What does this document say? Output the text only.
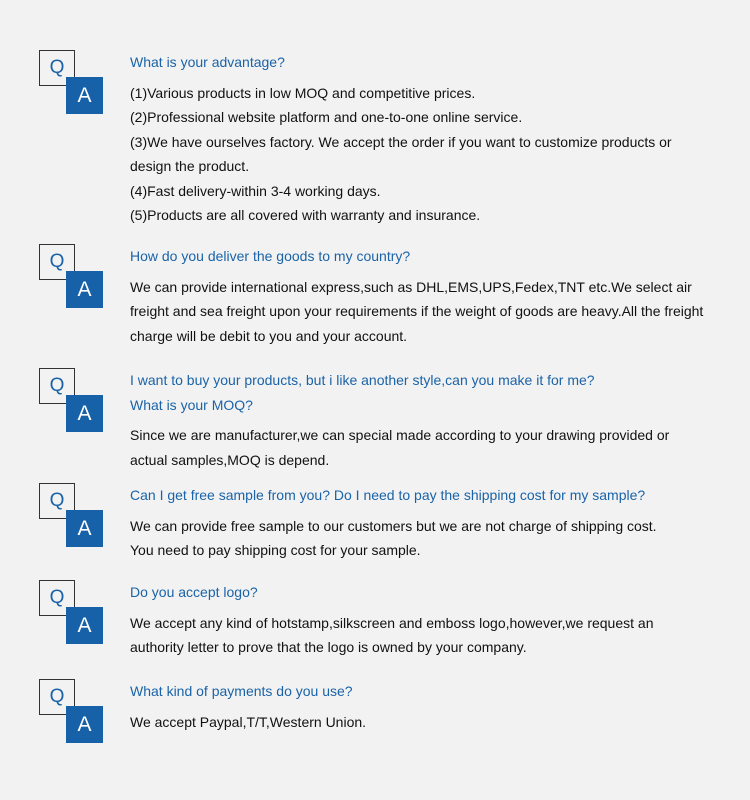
Q
A

What is your advantage?

(1)Various products in low MOQ and competitive prices.

(2)Professional website platform and one-to-one online service.

(3)We have ourselves factory. We accept the order if you want to customize products or

design the product.

(4)Fast delivery-within 3-4 working days.

(5)Products are all covered with warranty and insurance.

Q
A

How do you deliver the goods to my country?

We can provide international express,such as DHL,EMS,UPS,Fedex,TNT etc.We select air

freight and sea freight upon your requirements if the weight of goods are heavy.All the freight

charge will be debit to you and your account.

Q
A

I want to buy your products, but i like another style,can you make it for me?

What is your MOQ?

Since we are manufacturer,we can special made according to your drawing provided or

actual samples,MOQ is depend.

Q
A

Can I get free sample from you? Do I need to pay the shipping cost for my sample?

We can provide free sample to our customers but we are not charge of shipping cost.

You need to pay shipping cost for your sample.

Q
A

Do you accept logo?

We accept any kind of hotstamp,silkscreen and emboss logo,however,we request an

authority letter to prove that the logo is owned by your company.

Q
A

What kind of payments do you use?

We accept Paypal,T/T,Western Union.
